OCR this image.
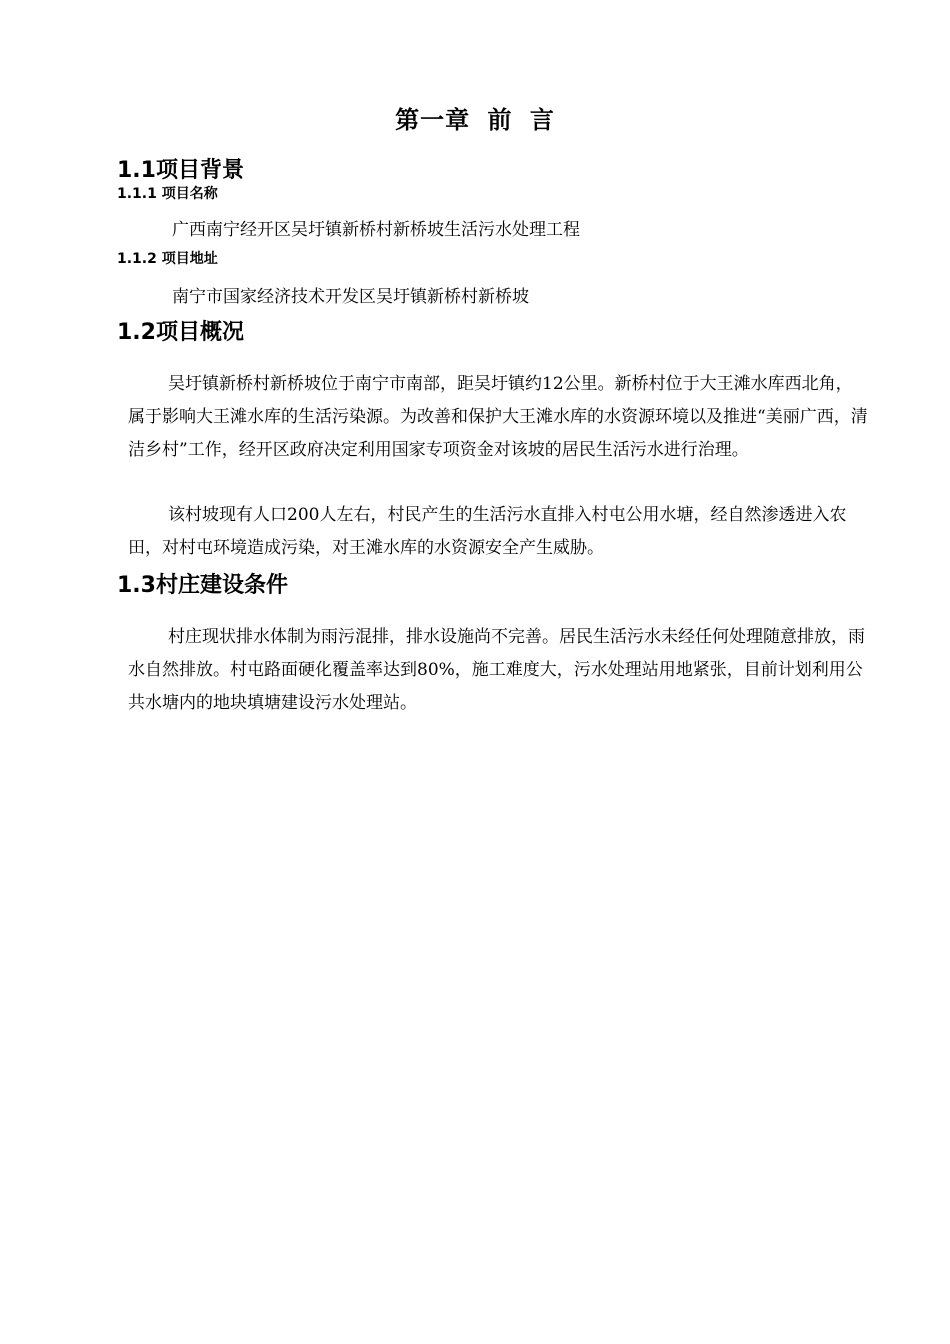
第一章 前 言
1.1项目背景
1.1.1 项目名称

广西南宁经开区吴圩镇新桥村新桥坡生活污水处理工程

1.1.2 项目地址

南宁市国家经济技术开发区吴圩镇新桥村新桥坡

1.2项目概况

吴圩镇新桥村新桥坡位于南宁市南部，距吴圩镇约12公里。新桥村位于大王滩水库西北角，属于影响大王滩水库的生活污染源。为改善和保护大王滩水库的水资源环境以及推进“美丽广西，清洁乡村”工作，经开区政府决定利用国家专项资金对该坡的居民生活污水进行治理。

该村坡现有人口200人左右，村民产生的生活污水直排入村屯公用水塘，经自然渗透进入农田，对村屯环境造成污染，对王滩水库的水资源安全产生威胁。

1.3村庄建设条件

村庄现状排水体制为雨污混排，排水设施尚不完善。居民生活污水未经任何处理随意排放，雨水自然排放。村屯路面硬化覆盖率达到80%，施工难度大，污水处理站用地紧张，目前计划利用公共水塘内的地块填塘建设污水处理站。
